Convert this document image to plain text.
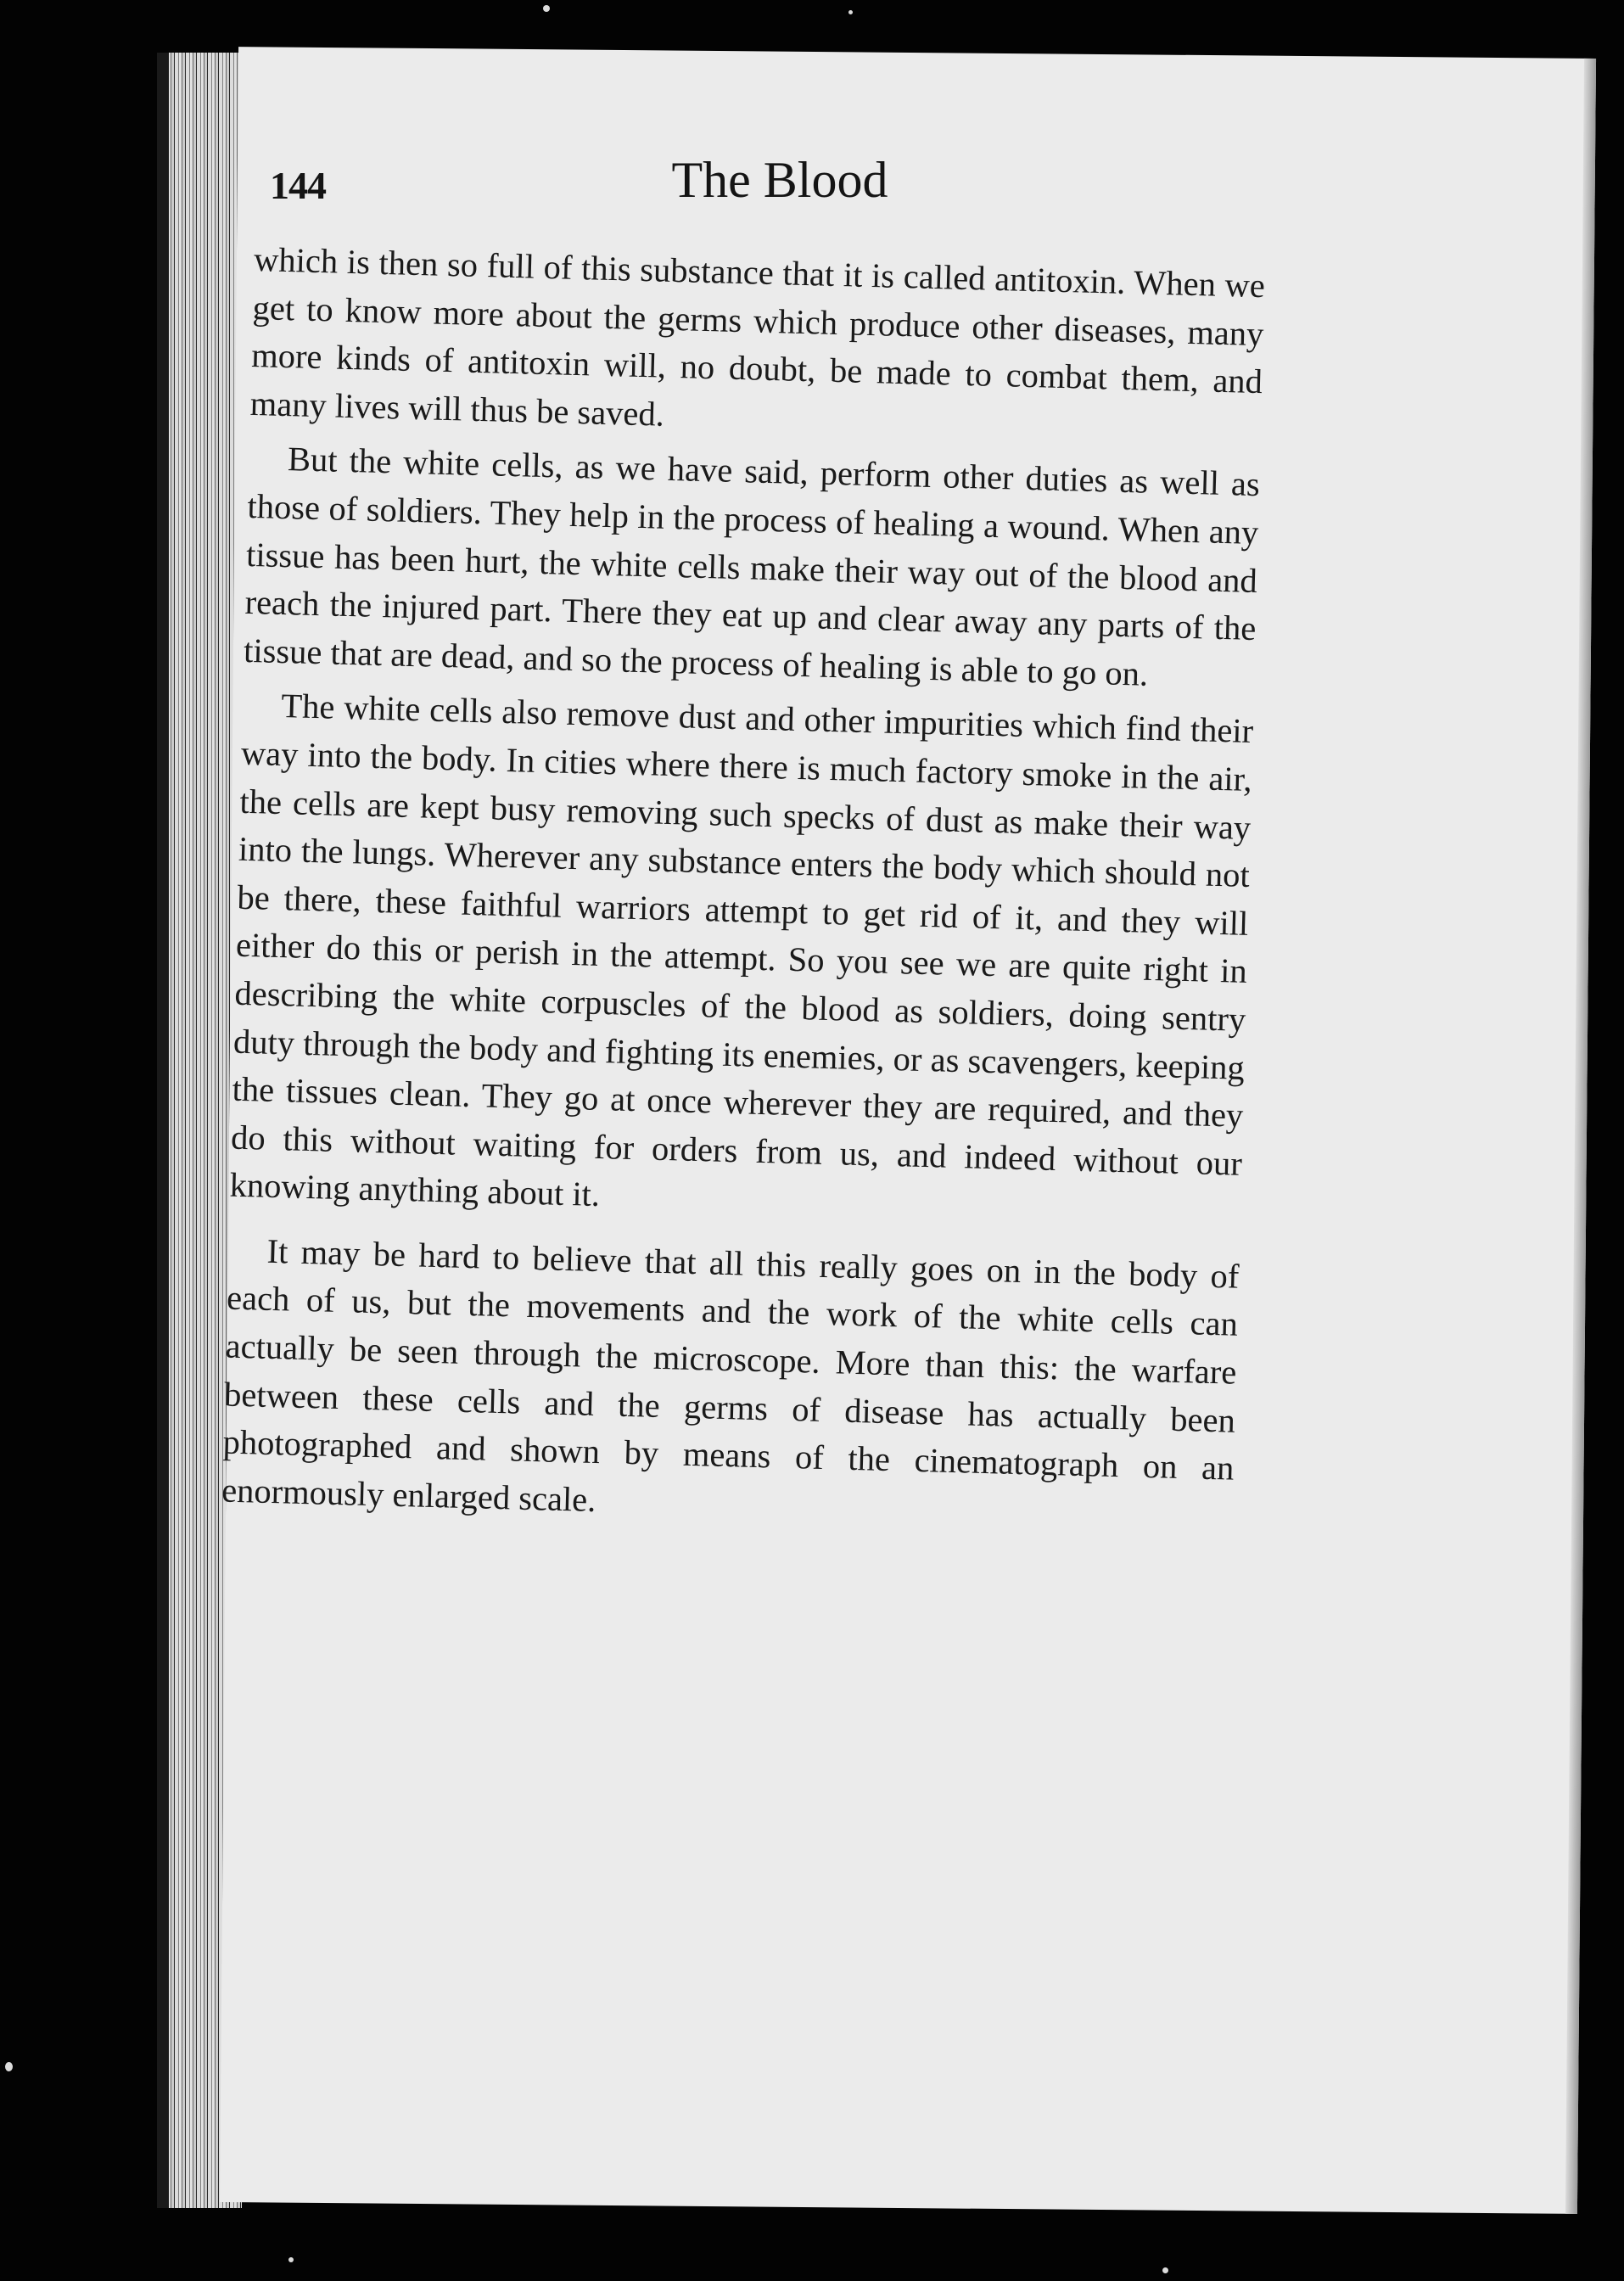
144	The Blood

which is then so full of this substance that it is called antitoxin. When we get to know more about the germs which produce other diseases, many more kinds of antitoxin will, no doubt, be made to combat them, and many lives will thus be saved.

But the white cells, as we have said, perform other duties as well as those of soldiers. They help in the process of healing a wound. When any tissue has been hurt, the white cells make their way out of the blood and reach the injured part. There they eat up and clear away any parts of the tissue that are dead, and so the process of healing is able to go on.

The white cells also remove dust and other impurities which find their way into the body. In cities where there is much factory smoke in the air, the cells are kept busy removing such specks of dust as make their way into the lungs. Wherever any substance enters the body which should not be there, these faithful warriors attempt to get rid of it, and they will either do this or perish in the attempt. So you see we are quite right in describing the white corpuscles of the blood as soldiers, doing sentry duty through the body and fighting its enemies, or as scavengers, keeping the tissues clean. They go at once wherever they are required, and they do this without waiting for orders from us, and indeed without our knowing anything about it.

It may be hard to believe that all this really goes on in the body of each of us, but the movements and the work of the white cells can actually be seen through the microscope. More than this: the warfare between these cells and the germs of disease has actually been photographed and shown by means of the cinematograph on an enormously enlarged scale.
